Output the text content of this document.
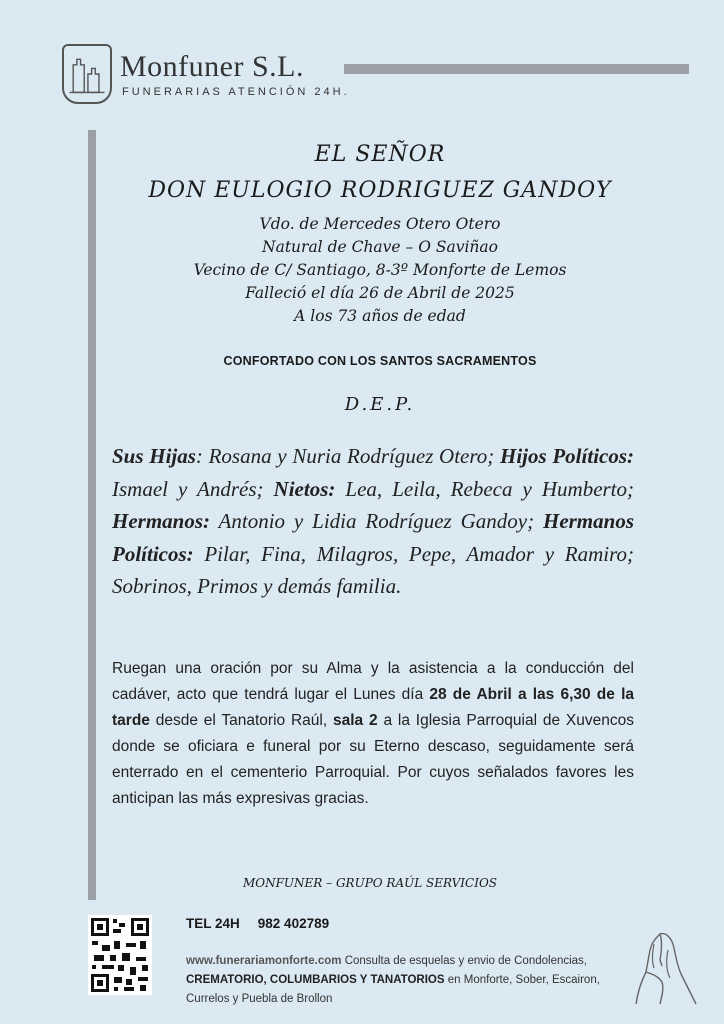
Monfuner S.L.
FUNERARIAS ATENCIÓN 24H.
EL SEÑOR
DON EULOGIO RODRIGUEZ GANDOY
Vdo. de Mercedes Otero Otero
Natural de Chave – O Saviñao
Vecino de C/ Santiago, 8-3º Monforte de Lemos
Falleció el día 26 de Abril de 2025
A los 73 años de edad
CONFORTADO CON LOS SANTOS SACRAMENTOS
D.E.P.
Sus Hijas: Rosana y Nuria Rodríguez Otero; Hijos Políticos: Ismael y Andrés; Nietos: Lea, Leila, Rebeca y Humberto; Hermanos: Antonio y Lidia Rodríguez Gandoy; Hermanos Políticos: Pilar, Fina, Milagros, Pepe, Amador y Ramiro; Sobrinos, Primos y demás familia.
Ruegan una oración por su Alma y la asistencia a la conducción del cadáver, acto que tendrá lugar el Lunes día 28 de Abril a las 6,30 de la tarde desde el Tanatorio Raúl, sala 2 a la Iglesia Parroquial de Xuvencos donde se oficiara e funeral por su Eterno descaso, seguidamente será enterrado en el cementerio Parroquial. Por cuyos señalados favores les anticipan las más expresivas gracias.
MONFUNER – GRUPO RAÚL SERVICIOS
TEL 24H 982 402789
www.funerariamonforte.com Consulta de esquelas y envio de Condolencias, CREMATORIO, COLUMBARIOS Y TANATORIOS en Monforte, Sober, Escairon, Currelos y Puebla de Brollon
